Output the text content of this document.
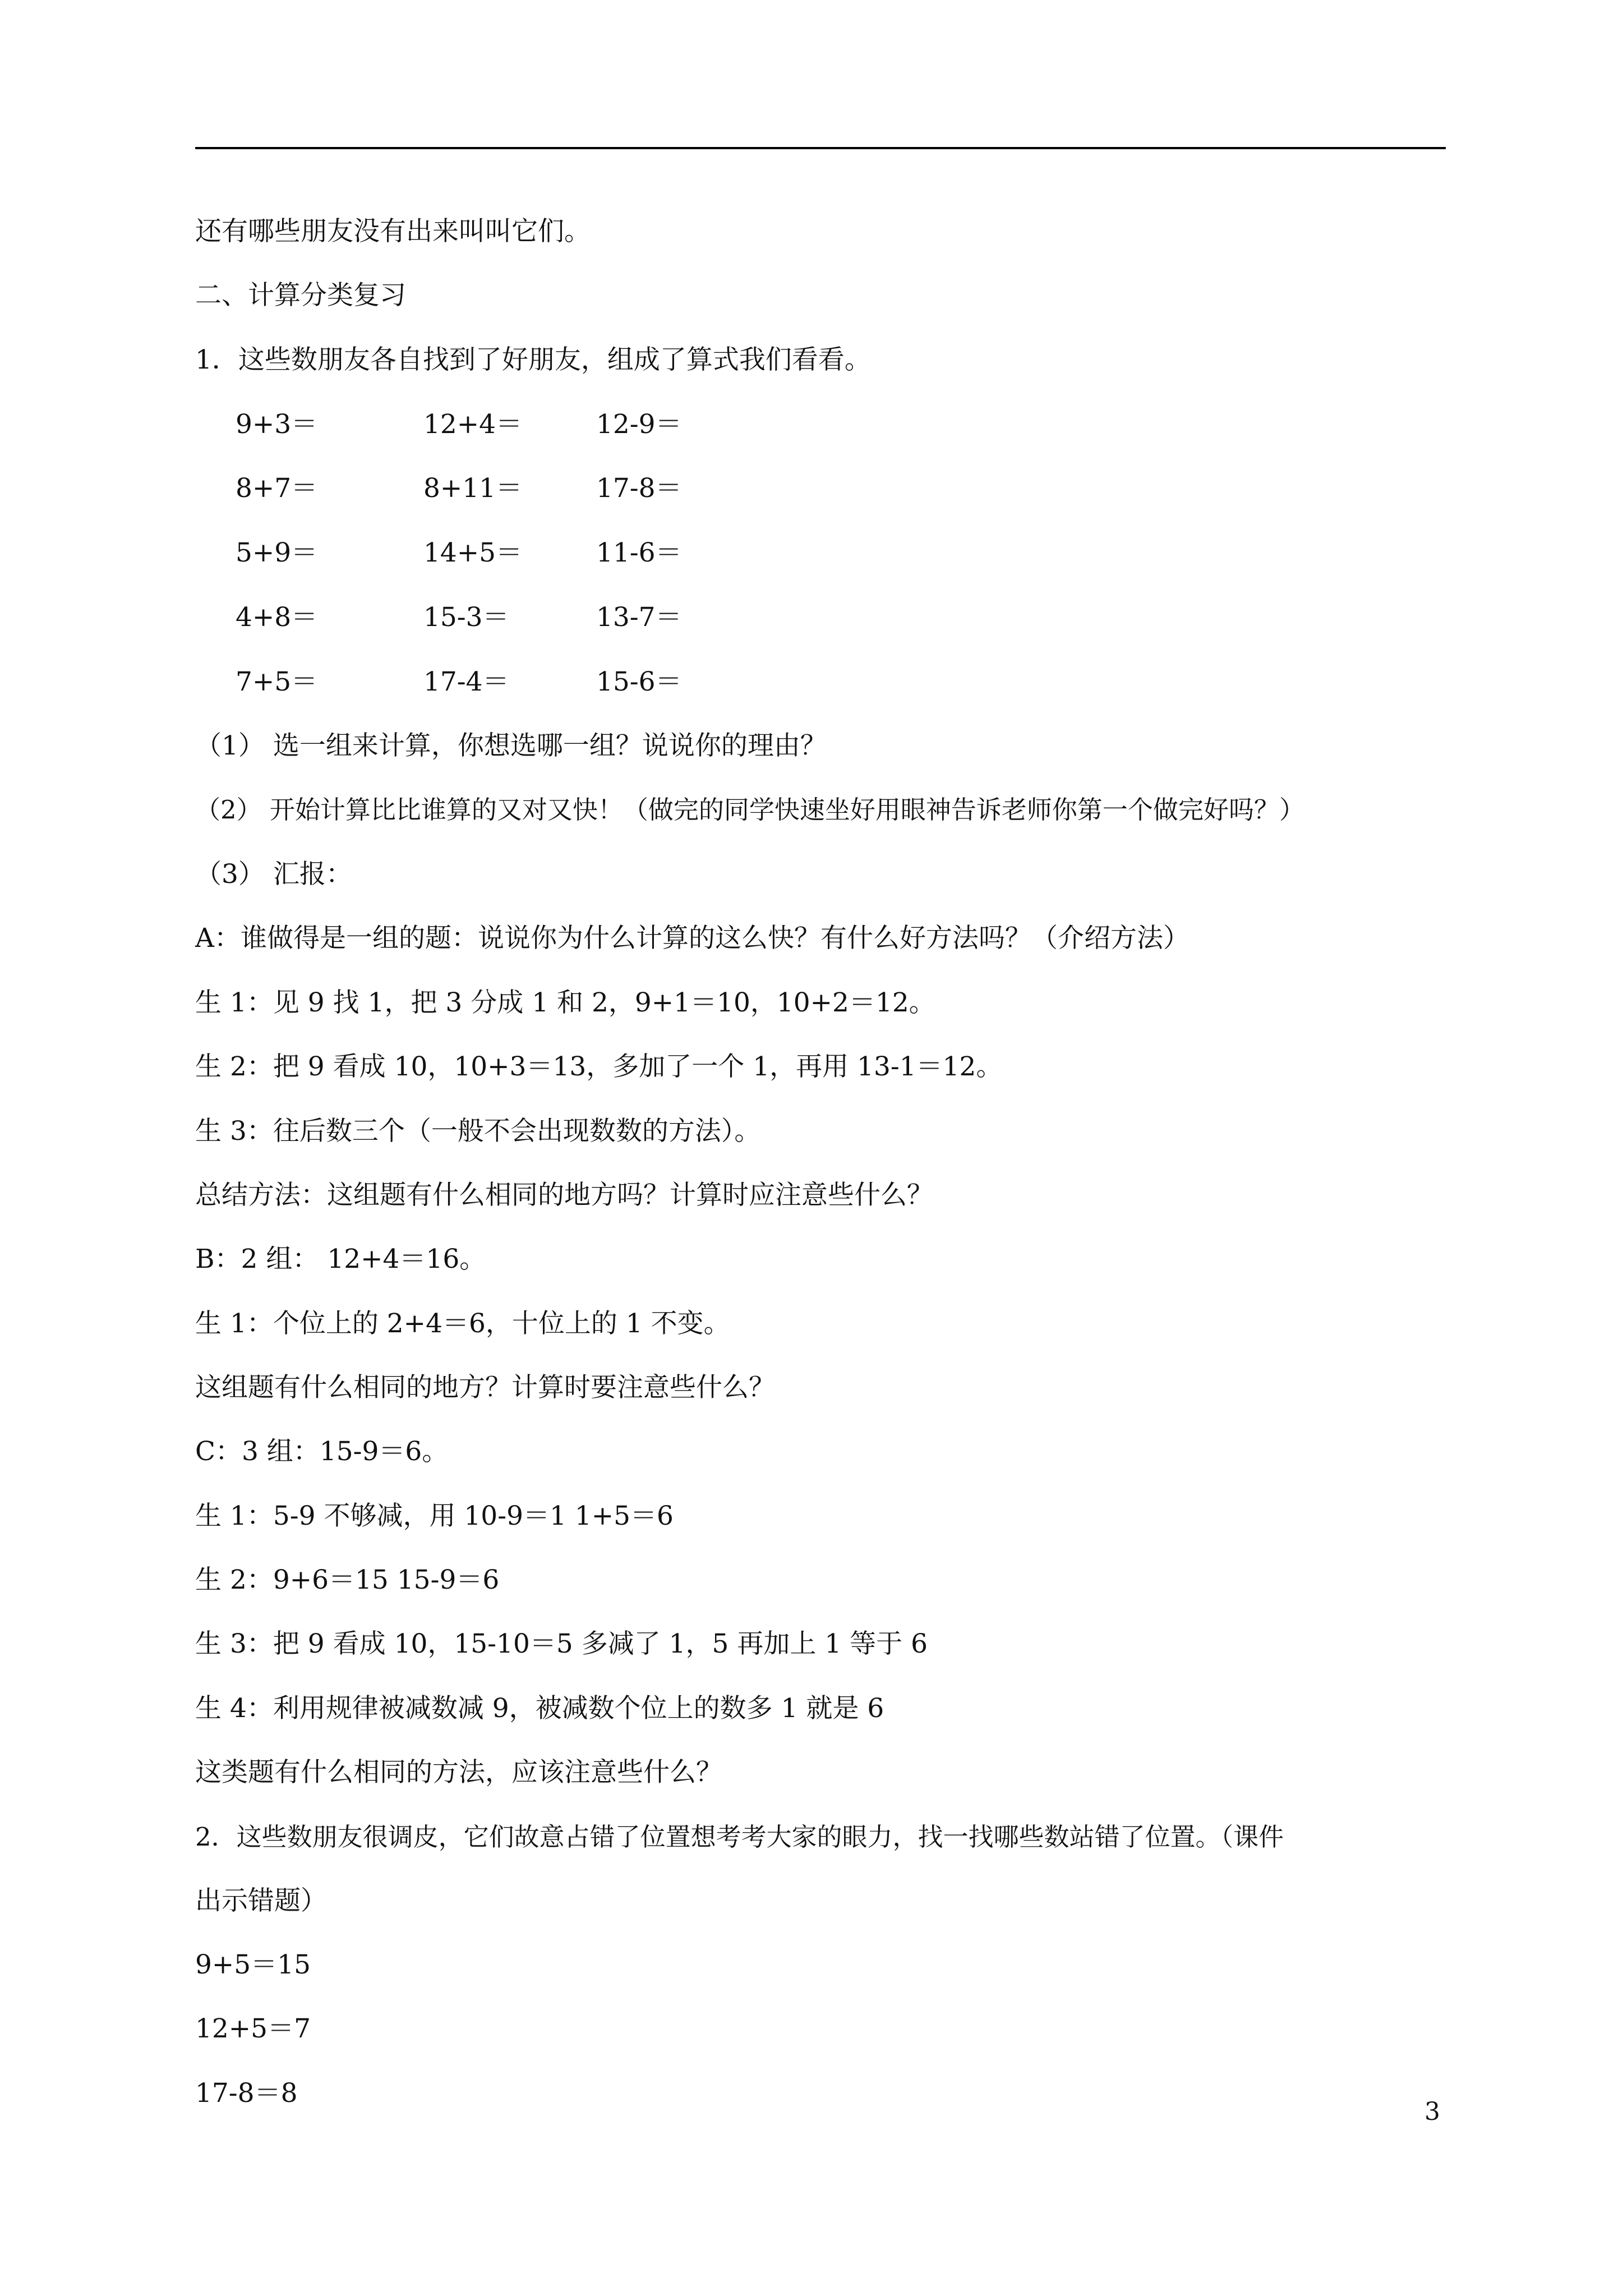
还有哪些朋友没有出来叫叫它们。
二、计算分类复习
1．这些数朋友各自找到了好朋友，组成了算式我们看看。
9+3＝	12+4＝	12-9＝
8+7＝	8+11＝	17-8＝
5+9＝	14+5＝	11-6＝
4+8＝	15-3＝	13-7＝
7+5＝	17-4＝	15-6＝
（1） 选一组来计算，你想选哪一组？说说你的理由？
（2） 开始计算比比谁算的又对又快！（做完的同学快速坐好用眼神告诉老师你第一个做完好吗？）
（3） 汇报：
A：谁做得是一组的题：说说你为什么计算的这么快？有什么好方法吗？（介绍方法）
生 1：见 9 找 1，把 3 分成 1 和 2，9+1＝10，10+2＝12。
生 2：把 9 看成 10，10+3＝13，多加了一个 1，再用 13-1＝12。
生 3：往后数三个（一般不会出现数数的方法）。
总结方法：这组题有什么相同的地方吗？计算时应注意些什么？
B：2 组： 12+4＝16。
生 1：个位上的 2+4＝6，十位上的 1 不变。
这组题有什么相同的地方？计算时要注意些什么？
C：3 组：15-9＝6。
生 1：5-9 不够减，用 10-9＝1 1+5＝6
生 2：9+6＝15 15-9＝6
生 3：把 9 看成 10，15-10＝5 多减了 1，5 再加上 1 等于 6
生 4：利用规律被减数减 9，被减数个位上的数多 1 就是 6
这类题有什么相同的方法，应该注意些什么？
2．这些数朋友很调皮，它们故意占错了位置想考考大家的眼力，找一找哪些数站错了位置。（课件
出示错题）
9+5＝15
12+5＝7
17-8＝8
3
